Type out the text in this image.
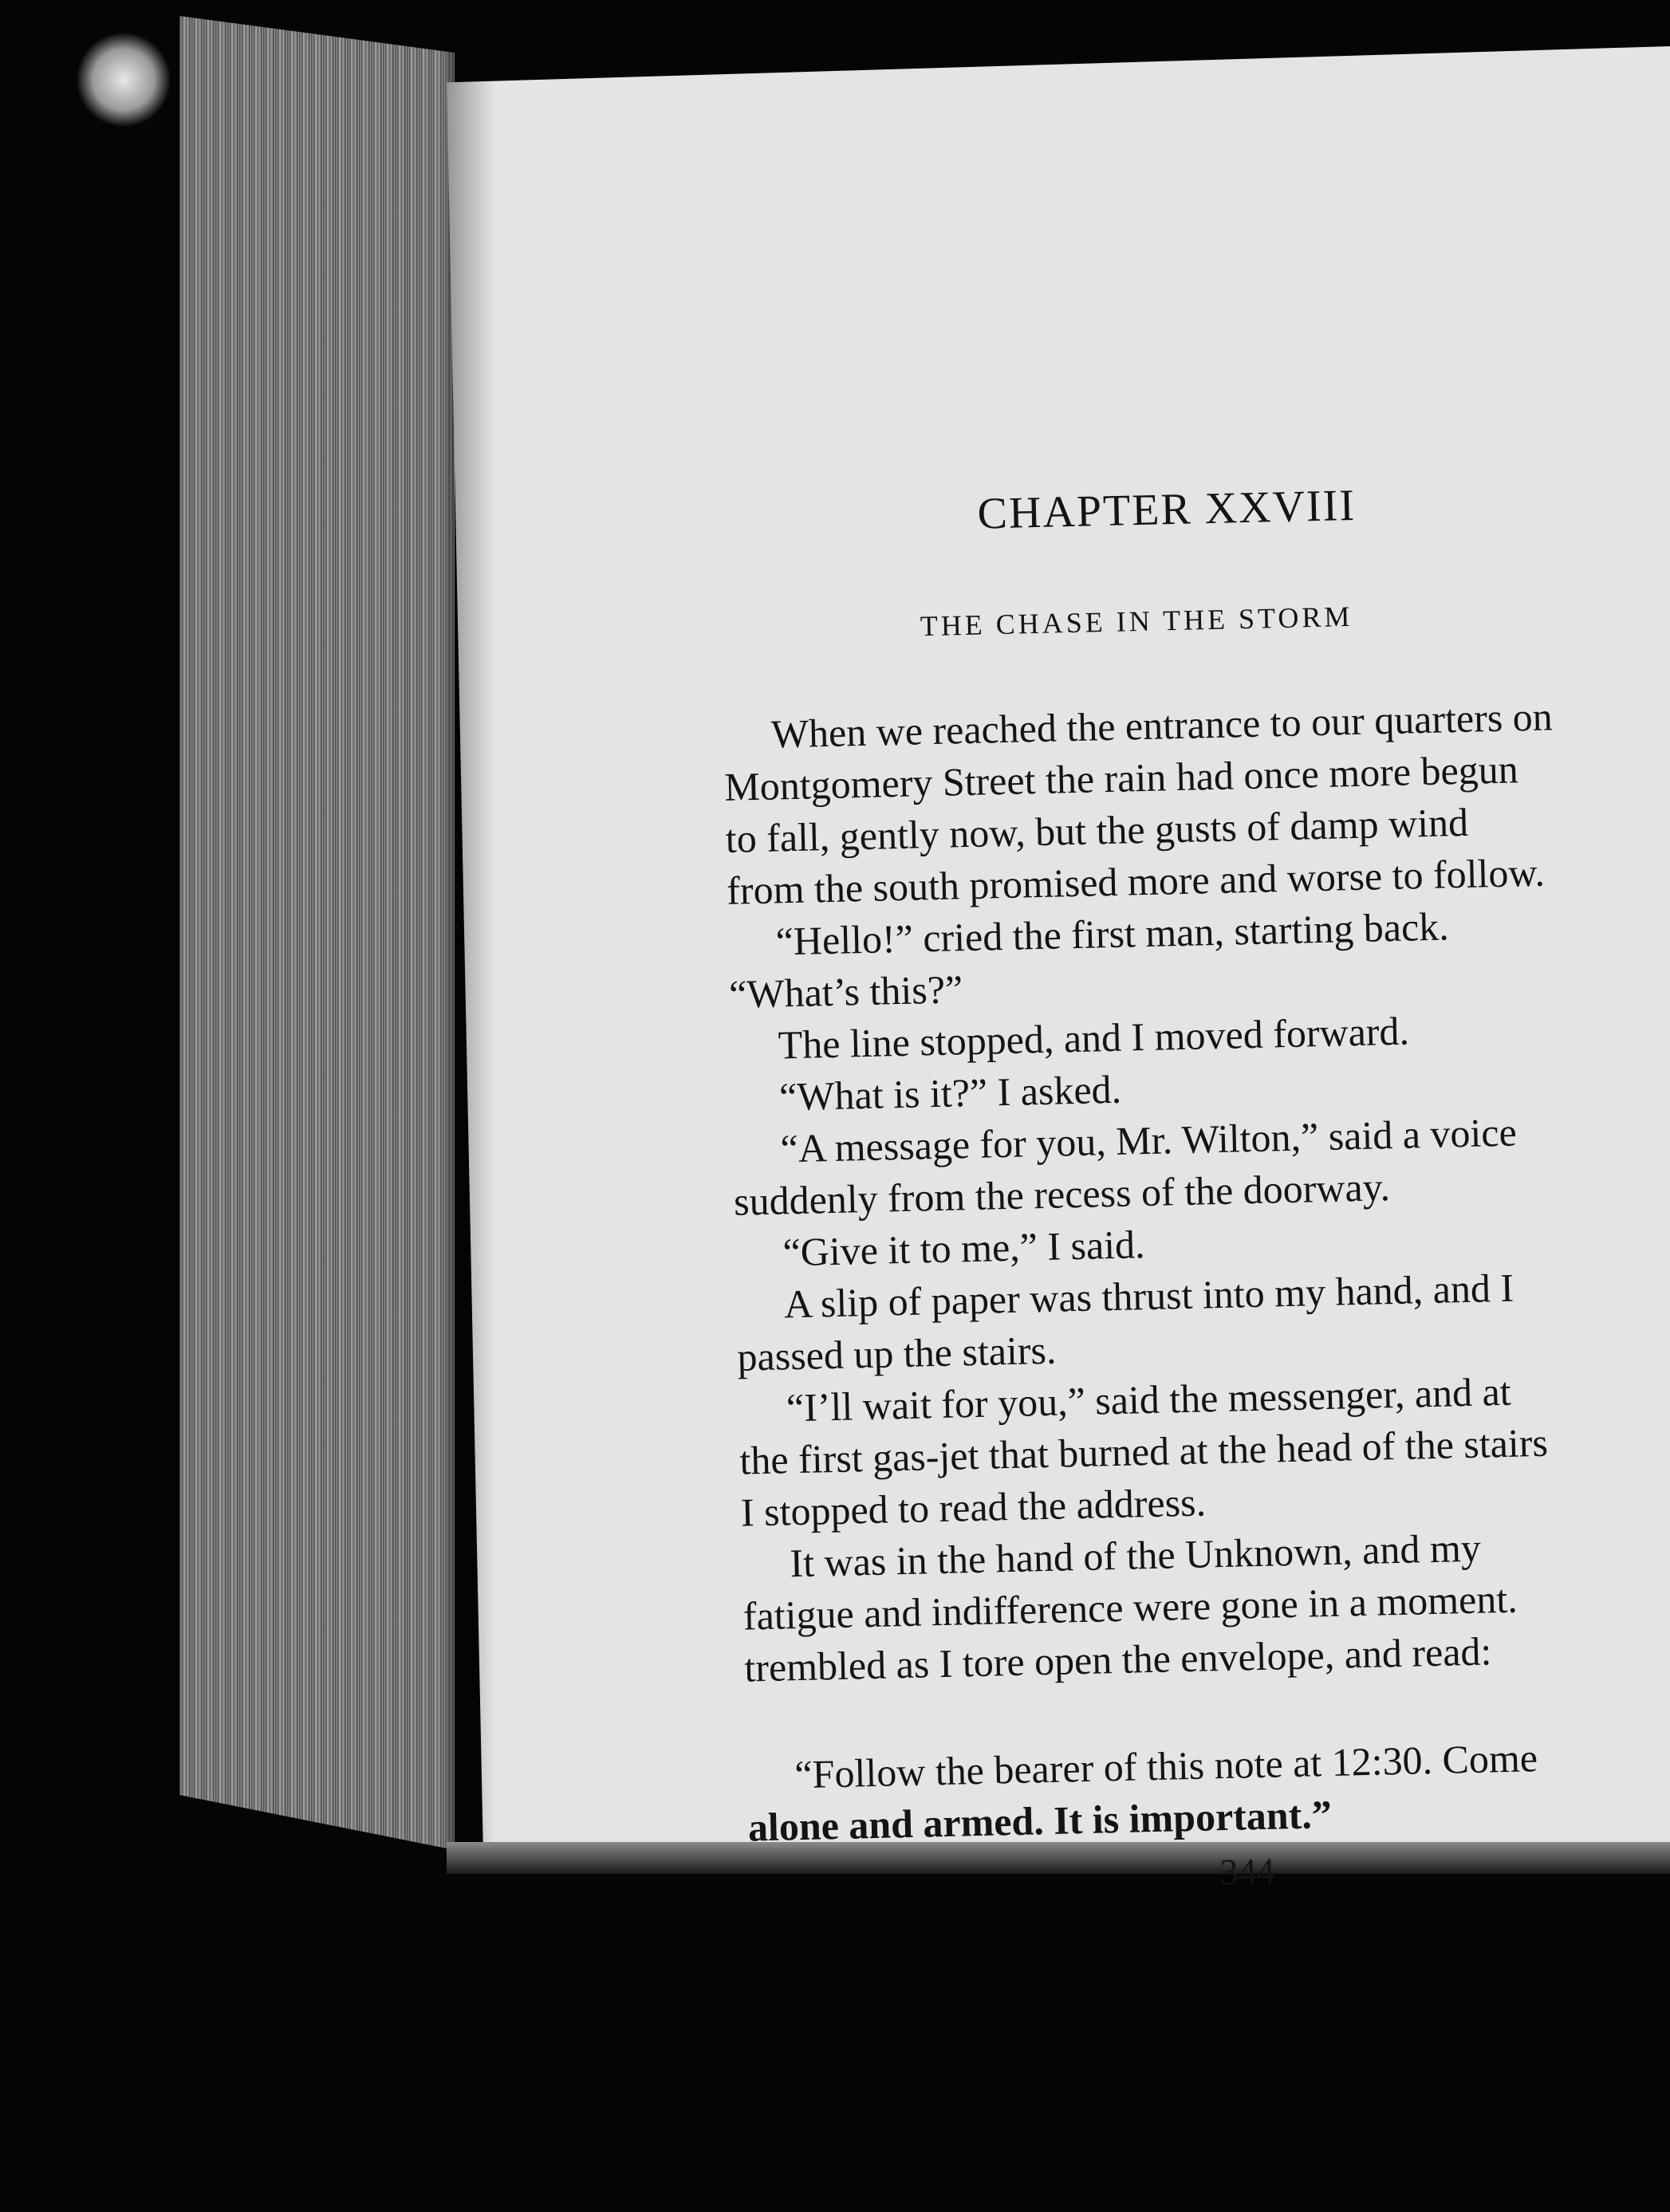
CHAPTER XXVIII
THE CHASE IN THE STORM
When we reached the entrance to our quarters on
Montgomery Street the rain had once more begun
to fall, gently now, but the gusts of damp wind
from the south promised more and worse to follow.
“Hello!” cried the first man, starting back.
“What’s this?”
The line stopped, and I moved forward.
“What is it?” I asked.
“A message for you, Mr. Wilton,” said a voice
suddenly from the recess of the doorway.
“Give it to me,” I said.
A slip of paper was thrust into my hand, and I
passed up the stairs.
“I’ll wait for you,” said the messenger, and at
the first gas-jet that burned at the head of the stairs
I stopped to read the address.
It was in the hand of the Unknown, and my
fatigue and indifference were gone in a moment.
trembled as I tore open the envelope, and read:
“Follow the bearer of this note at 12:30. Come
alone and armed. It is important.”
344
